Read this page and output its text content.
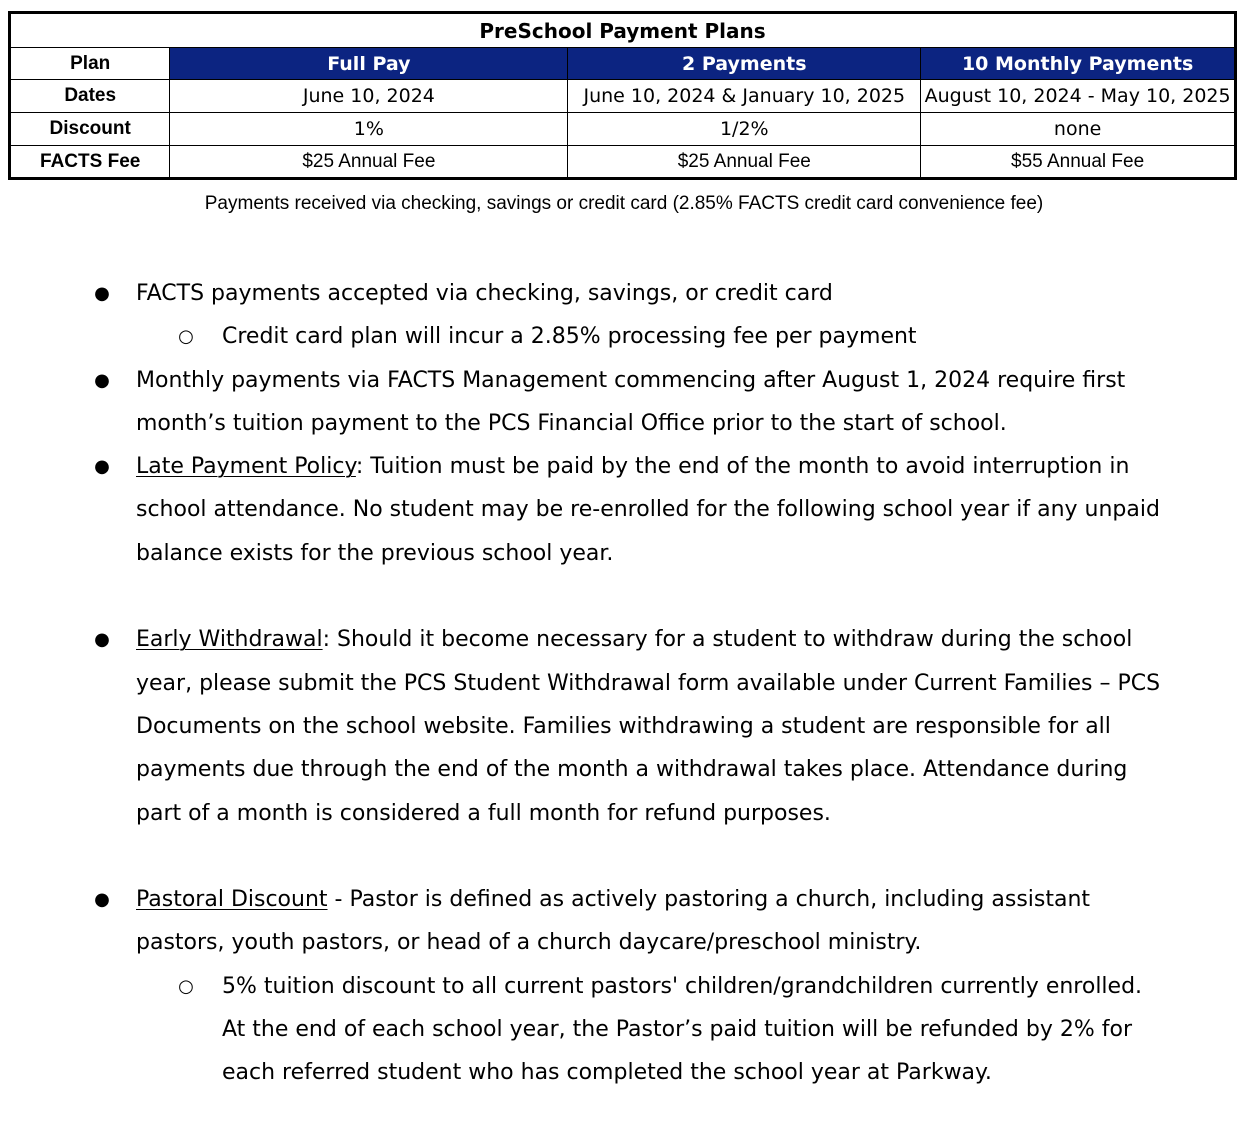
PreSchool Payment Plans			
Plan	Full Pay	2 Payments	10 Monthly Payments
Dates	June 10, 2024	June 10, 2024 & January 10, 2025	August 10, 2024 - May 10, 2025
Discount	1%	1/2%	none
FACTS Fee	$25 Annual Fee	$25 Annual Fee	$55 Annual Fee
Payments received via checking, savings or credit card (2.85% FACTS credit card convenience fee)
● FACTS payments accepted via checking, savings, or credit card
○ Credit card plan will incur a 2.85% processing fee per payment
● Monthly payments via FACTS Management commencing after August 1, 2024 require first
month’s tuition payment to the PCS Financial Office prior to the start of school.
● Late Payment Policy: Tuition must be paid by the end of the month to avoid interruption in
school attendance. No student may be re-enrolled for the following school year if any unpaid
balance exists for the previous school year.
● Early Withdrawal: Should it become necessary for a student to withdraw during the school
year, please submit the PCS Student Withdrawal form available under Current Families – PCS
Documents on the school website. Families withdrawing a student are responsible for all
payments due through the end of the month a withdrawal takes place. Attendance during
part of a month is considered a full month for refund purposes.
● Pastoral Discount - Pastor is defined as actively pastoring a church, including assistant
pastors, youth pastors, or head of a church daycare/preschool ministry.
○ 5% tuition discount to all current pastors' children/grandchildren currently enrolled.
At the end of each school year, the Pastor’s paid tuition will be refunded by 2% for
each referred student who has completed the school year at Parkway.
